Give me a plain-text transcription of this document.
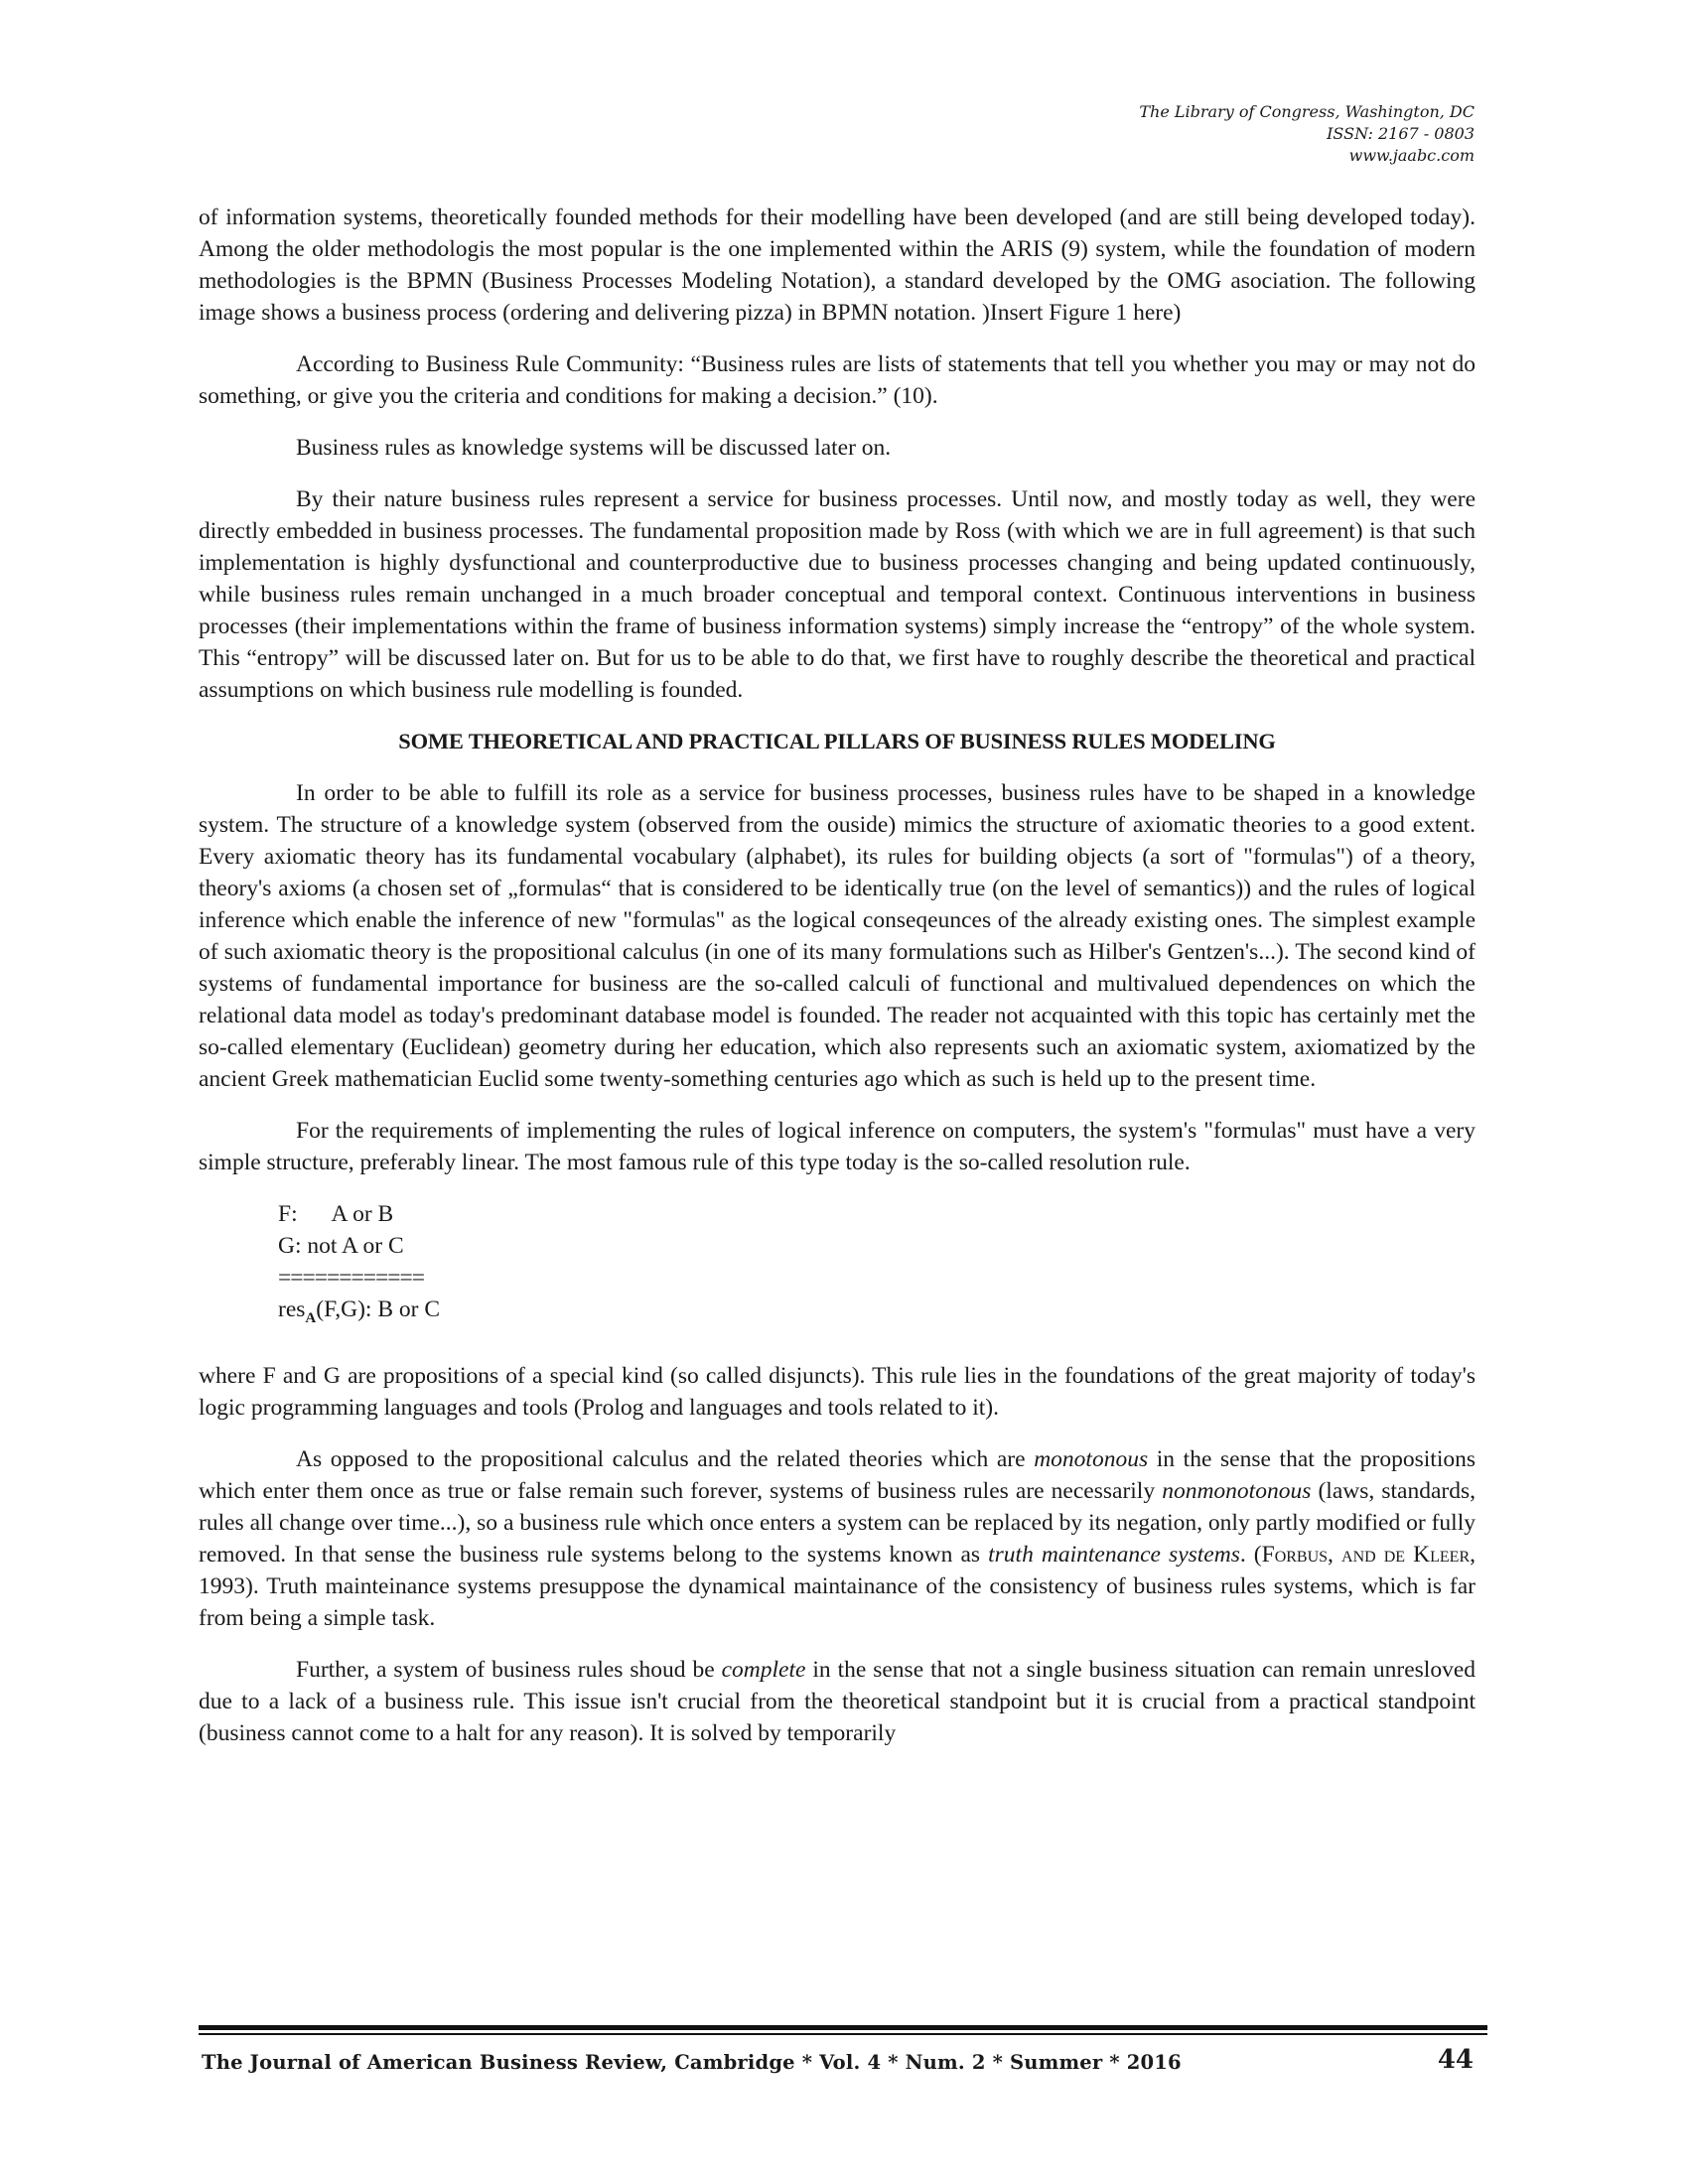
The Library of Congress, Washington, DC
ISSN: 2167 - 0803
www.jaabc.com

of information systems, theoretically founded methods for their modelling have been developed (and are still being developed today). Among the older methodologis the most popular is the one implemented within the ARIS (9) system, while the foundation of modern methodologies is the BPMN (Business Processes Modeling Notation), a standard developed by the OMG asociation. The following image shows a business process (ordering and delivering pizza) in BPMN notation. )Insert Figure 1 here)

According to Business Rule Community: “Business rules are lists of statements that tell you whether you may or may not do something, or give you the criteria and conditions for making a decision.” (10).

Business rules as knowledge systems will be discussed later on.

By their nature business rules represent a service for business processes. Until now, and mostly today as well, they were directly embedded in business processes. The fundamental proposition made by Ross (with which we are in full agreement) is that such implementation is highly dysfunctional and counterproductive due to business processes changing and being updated continuously, while business rules remain unchanged in a much broader conceptual and temporal context. Continuous interventions in business processes (their implementations within the frame of business information systems) simply increase the “entropy” of the whole system. This “entropy” will be discussed later on. But for us to be able to do that, we first have to roughly describe the theoretical and practical assumptions on which business rule modelling is founded.

SOME THEORETICAL AND PRACTICAL PILLARS OF BUSINESS RULES MODELING

In order to be able to fulfill its role as a service for business processes, business rules have to be shaped in a knowledge system. The structure of a knowledge system (observed from the ouside) mimics the structure of axiomatic theories to a good extent. Every axiomatic theory has its fundamental vocabulary (alphabet), its rules for building objects (a sort of "formulas") of a theory, theory's axioms (a chosen set of „formulas“ that is considered to be identically true (on the level of semantics)) and the rules of logical inference which enable the inference of new "formulas" as the logical conseqeunces of the already existing ones. The simplest example of such axiomatic theory is the propositional calculus (in one of its many formulations such as Hilber's Gentzen's...). The second kind of systems of fundamental importance for business are the so-called calculi of functional and multivalued dependences on which the relational data model as today's predominant database model is founded. The reader not acquainted with this topic has certainly met the so-called elementary (Euclidean) geometry during her education, which also represents such an axiomatic system, axiomatized by the ancient Greek mathematician Euclid some twenty-something centuries ago which as such is held up to the present time.

For the requirements of implementing the rules of logical inference on computers, the system's "formulas" must have a very simple structure, preferably linear. The most famous rule of this type today is the so-called resolution rule.

F:      A or B
G: not A or C
============
res$_A$(F,G): B or C

where F and G are propositions of a special kind (so called disjuncts). This rule lies in the foundations of the great majority of today's logic programming languages and tools (Prolog and languages and tools related to it).

As opposed to the propositional calculus and the related theories which are monotonous in the sense that the propositions which enter them once as true or false remain such forever, systems of business rules are necessarily nonmonotonous (laws, standards, rules all change over time...), so a business rule which once enters a system can be replaced by its negation, only partly modified or fully removed. In that sense the business rule systems belong to the systems known as truth maintenance systems. (Forbus, and de Kleer, 1993). Truth mainteinance systems presuppose the dynamical maintainance of the consistency of business rules systems, which is far from being a simple task.

Further, a system of business rules shoud be complete in the sense that not a single business situation can remain unresloved due to a lack of a business rule. This issue isn't crucial from the theoretical standpoint but it is crucial from a practical standpoint (business cannot come to a halt for any reason). It is solved by temporarily

The Journal of American Business Review, Cambridge * Vol. 4 * Num. 2 * Summer * 2016	44
